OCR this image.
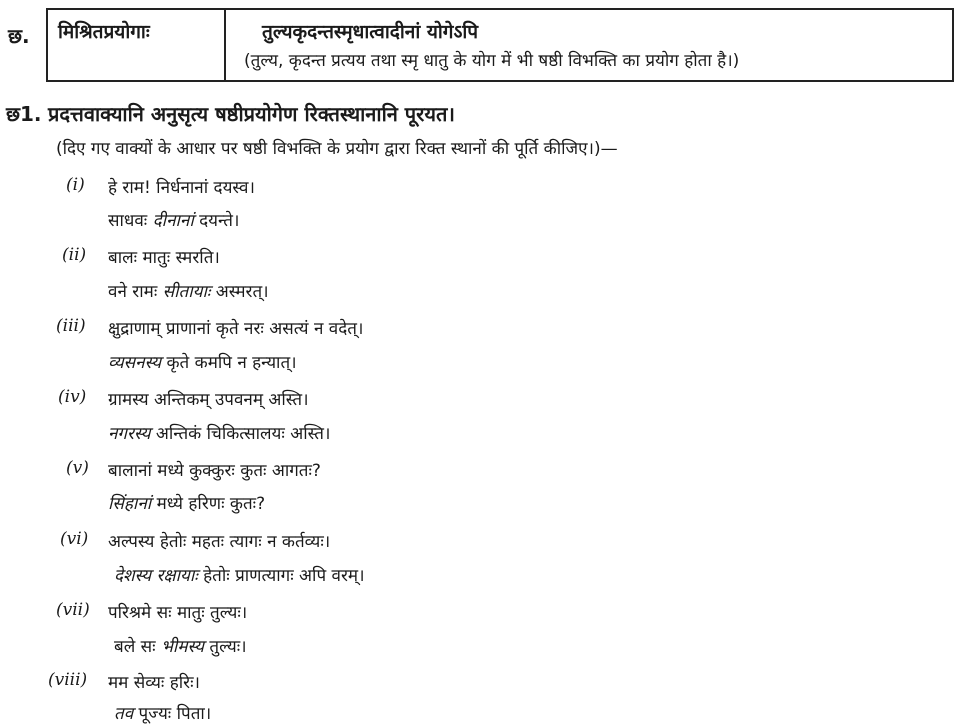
छ. मिश्रितप्रयोगाः	तुल्यकृदन्तस्मृधात्वादीनां योगेऽपि
(तुल्य, कृदन्त प्रत्यय तथा स्मृ धातु के योग में भी षष्ठी विभक्ति का प्रयोग होता है।)
छ1. प्रदत्तवाक्यानि अनुसृत्य षष्ठीप्रयोगेण रिक्तस्थानानि पूरयत।
(दिए गए वाक्यों के आधार पर षष्ठी विभक्ति के प्रयोग द्वारा रिक्त स्थानों की पूर्ति कीजिए।)—
(i) हे राम! निर्धनानां दयस्व।
साधवः दीनानां दयन्ते।
(ii) बालः मातुः स्मरति।
वने रामः सीतायाः अस्मरत्।
(iii) क्षुद्राणाम् प्राणानां कृते नरः असत्यं न वदेत्।
व्यसनस्य कृते कमपि न हन्यात्।
(iv) ग्रामस्य अन्तिकम् उपवनम् अस्ति।
नगरस्य अन्तिकं चिकित्सालयः अस्ति।
(v) बालानां मध्ये कुक्कुरः कुतः आगतः?
सिंहानां मध्ये हरिणः कुतः?
(vi) अल्पस्य हेतोः महतः त्यागः न कर्तव्यः।
देशस्य रक्षायाः हेतोः प्राणत्यागः अपि वरम्।
(vii) परिश्रमे सः मातुः तुल्यः।
बले सः भीमस्य तुल्यः।
(viii) मम सेव्यः हरिः।
तव पूज्यः पिता।
